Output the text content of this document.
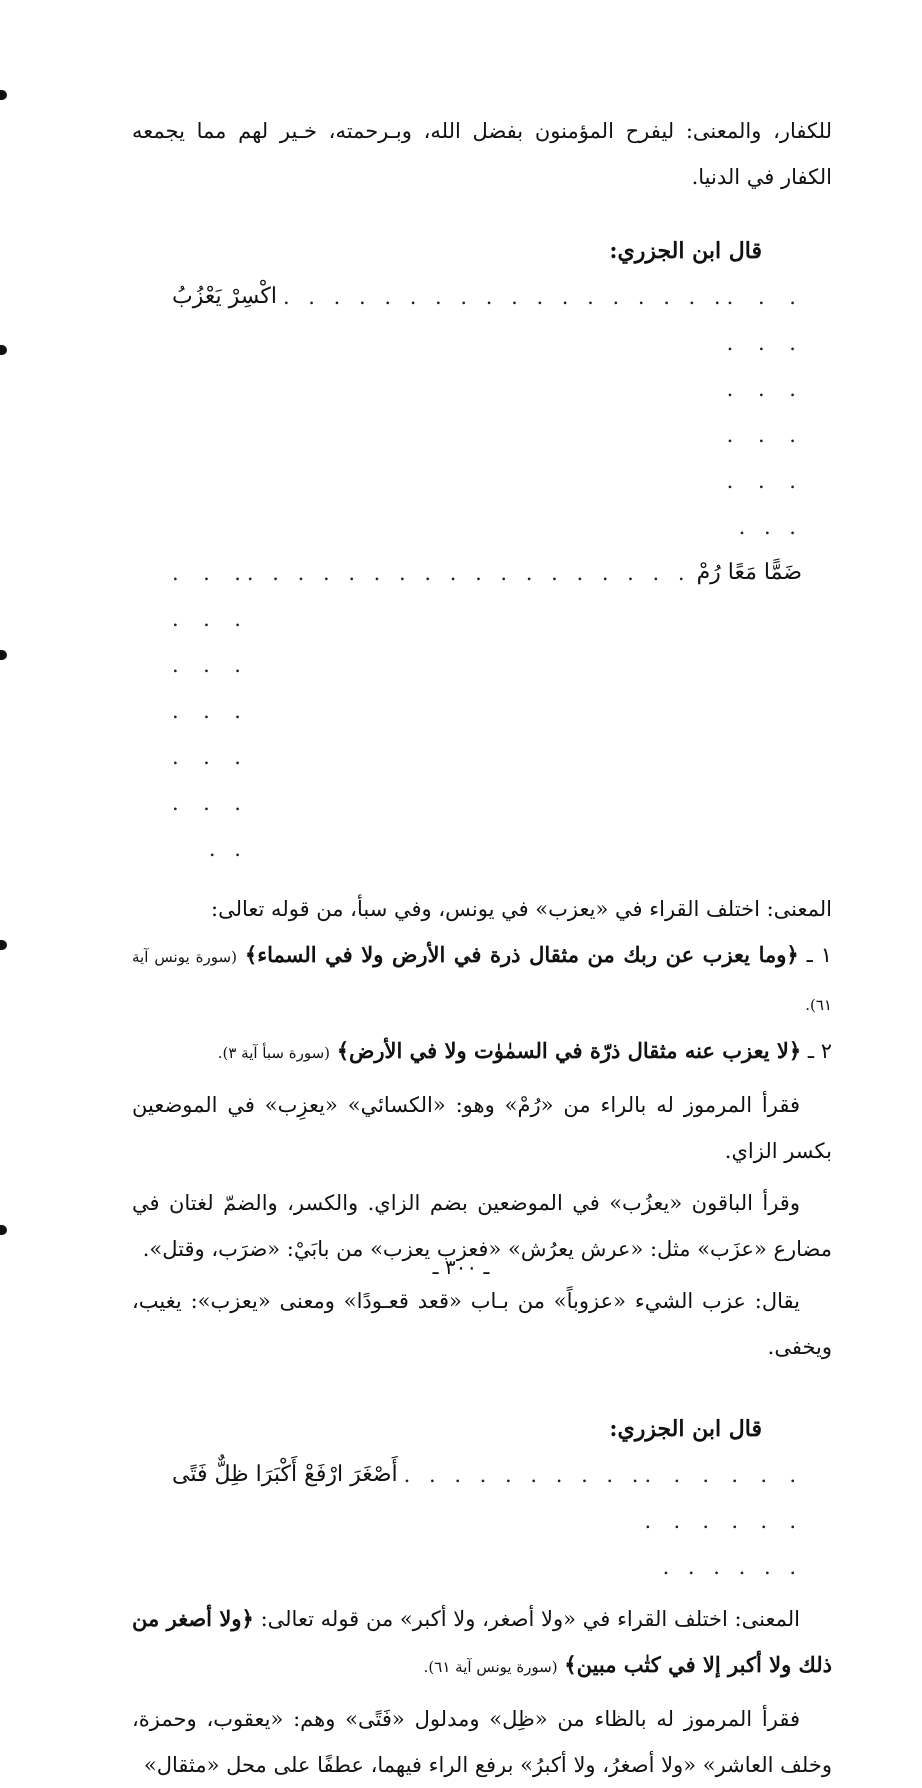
للكفار، والمعنى: ليفرح المؤمنون بفضل الله، وبـرحمته، خـير لهم مما يجمعه الكفار في الدنيا.

قال ابن الجزري:

. . . . . . . . . . . . . . . . . .
. . . . . . . . . . . . . . . . . .
اكْسِرْ يَعْزُبُ
ضَمًّا مَعًا رُمْ
. . . . . . . . . . . . . . . . . .
. . . . . . . . . . . . . . . . . . . .

المعنى: اختلف القراء في «يعزب» في يونس، وفي سبأ، من قوله تعالى:

١ ـ ﴿وما يعزب عن ربك من مثقال ذرة في الأرض ولا في السماء﴾ (سورة يونس آية ٦١).

٢ ـ ﴿لا يعزب عنه مثقال ذرّة في السمٰوٰت ولا في الأرض﴾ (سورة سبأ آية ٣).

فقرأ المرموز له بالراء من «رُمْ» وهو: «الكسائي» «يعزِب» في الموضعين بكسر الزاي.

وقرأ الباقون «يعزُب» في الموضعين بضم الزاي. والكسر، والضمّ لغتان في مضارع «عزَب» مثل: «عرش يعرُش» «فعزب يعزب» من بابَيْ: «ضرَب، وقتل».

يقال: عزب الشيء «عزوباً» من بـاب «قعد قعـودًا» ومعنى «يعزب»: يغيب، ويخفى.

قال ابن الجزري:

. . . . . . . . . . . . . . . . . .
. . . . . . . . . .
أَصْغَرَ ارْفَعْ أَكْبَرَا ظِلٌّ فَتًى

المعنى: اختلف القراء في «ولا أصغر، ولا أكبر» من قوله تعالى: ﴿ولا أصغر من ذلك ولا أكبر إلا في كتٰب مبين﴾ (سورة يونس آية ٦١).

فقرأ المرموز له بالظاء من «ظِل» ومدلول «فَتًى» وهم: «يعقوب، وحمزة، وخلف العاشر» «ولا أصغرُ، ولا أكبرُ» برفع الراء فيهما، عطفًا على محل «مثقال»

ـ ٣٠٠ ـ
